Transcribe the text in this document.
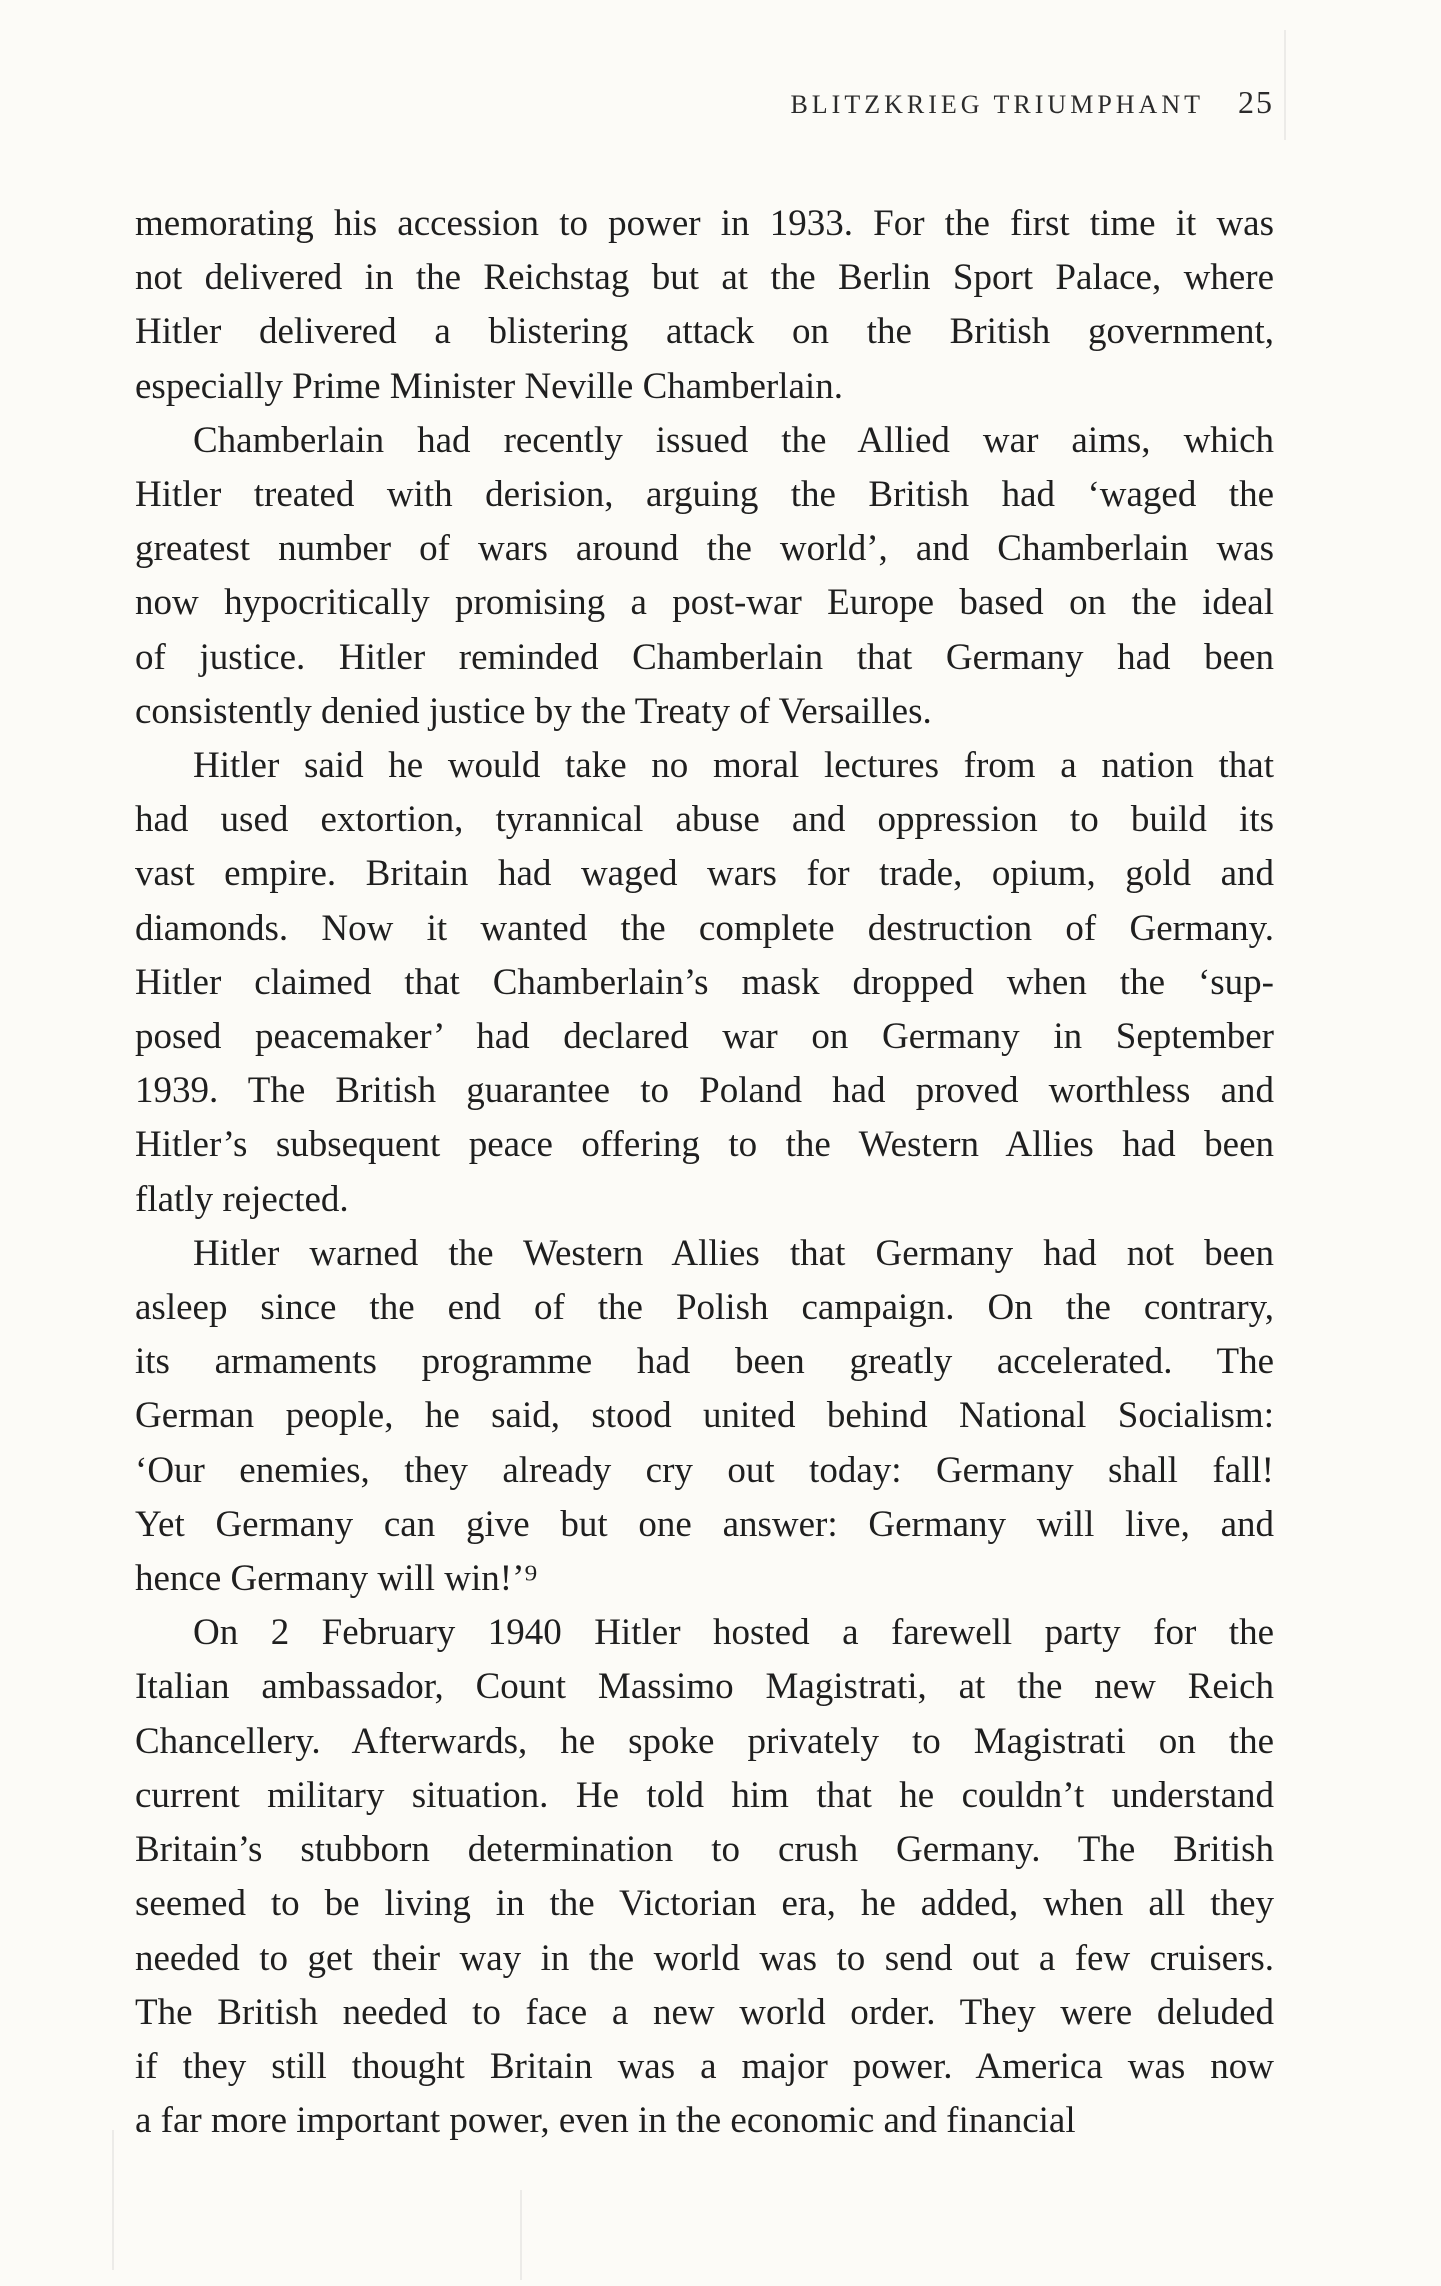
BLITZKRIEG TRIUMPHANT 25
memorating his accession to power in 1933. For the first time it was
not delivered in the Reichstag but at the Berlin Sport Palace, where
Hitler delivered a blistering attack on the British government,
especially Prime Minister Neville Chamberlain.
Chamberlain had recently issued the Allied war aims, which
Hitler treated with derision, arguing the British had ‘waged the
greatest number of wars around the world’, and Chamberlain was
now hypocritically promising a post-war Europe based on the ideal
of justice. Hitler reminded Chamberlain that Germany had been
consistently denied justice by the Treaty of Versailles.
Hitler said he would take no moral lectures from a nation that
had used extortion, tyrannical abuse and oppression to build its
vast empire. Britain had waged wars for trade, opium, gold and
diamonds. Now it wanted the complete destruction of Germany.
Hitler claimed that Chamberlain’s mask dropped when the ‘sup-
posed peacemaker’ had declared war on Germany in September
1939. The British guarantee to Poland had proved worthless and
Hitler’s subsequent peace offering to the Western Allies had been
flatly rejected.
Hitler warned the Western Allies that Germany had not been
asleep since the end of the Polish campaign. On the contrary,
its armaments programme had been greatly accelerated. The
German people, he said, stood united behind National Socialism:
‘Our enemies, they already cry out today: Germany shall fall!
Yet Germany can give but one answer: Germany will live, and
hence Germany will win!’⁹
On 2 February 1940 Hitler hosted a farewell party for the
Italian ambassador, Count Massimo Magistrati, at the new Reich
Chancellery. Afterwards, he spoke privately to Magistrati on the
current military situation. He told him that he couldn’t understand
Britain’s stubborn determination to crush Germany. The British
seemed to be living in the Victorian era, he added, when all they
needed to get their way in the world was to send out a few cruisers.
The British needed to face a new world order. They were deluded
if they still thought Britain was a major power. America was now
a far more important power, even in the economic and financial
